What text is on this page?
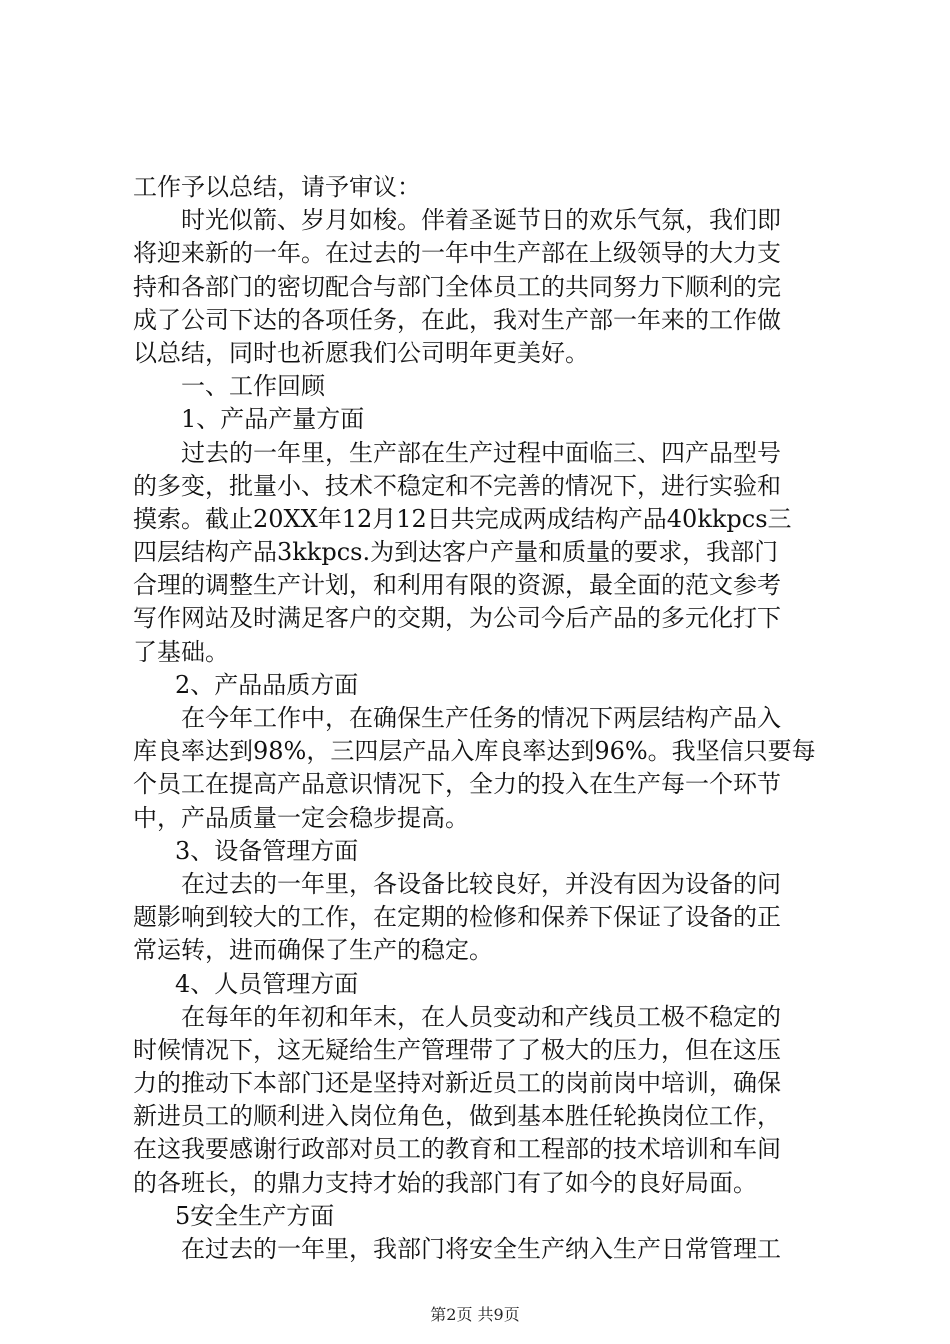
工作予以总结，请予审议：
时光似箭、岁月如梭。伴着圣诞节日的欢乐气氛，我们即
将迎来新的一年。在过去的一年中生产部在上级领导的大力支
持和各部门的密切配合与部门全体员工的共同努力下顺利的完
成了公司下达的各项任务，在此，我对生产部一年来的工作做
以总结，同时也祈愿我们公司明年更美好。
一、工作回顾
1、产品产量方面
过去的一年里，生产部在生产过程中面临三、四产品型号
的多变，批量小、技术不稳定和不完善的情况下，进行实验和
摸索。截止20XX年12月12日共完成两成结构产品40kkpcs三
四层结构产品3kkpcs.为到达客户产量和质量的要求，我部门
合理的调整生产计划，和利用有限的资源，最全面的范文参考
写作网站及时满足客户的交期，为公司今后产品的多元化打下
了基础。
2、产品品质方面
在今年工作中，在确保生产任务的情况下两层结构产品入
库良率达到98%，三四层产品入库良率达到96%。我坚信只要每
个员工在提高产品意识情况下，全力的投入在生产每一个环节
中，产品质量一定会稳步提高。
3、设备管理方面
在过去的一年里，各设备比较良好，并没有因为设备的问
题影响到较大的工作，在定期的检修和保养下保证了设备的正
常运转，进而确保了生产的稳定。
4、人员管理方面
在每年的年初和年末，在人员变动和产线员工极不稳定的
时候情况下，这无疑给生产管理带了了极大的压力，但在这压
力的推动下本部门还是坚持对新近员工的岗前岗中培训，确保
新进员工的顺利进入岗位角色，做到基本胜任轮换岗位工作，
在这我要感谢行政部对员工的教育和工程部的技术培训和车间
的各班长，的鼎力支持才始的我部门有了如今的良好局面。
5安全生产方面
在过去的一年里，我部门将安全生产纳入生产日常管理工
第2页 共9页
